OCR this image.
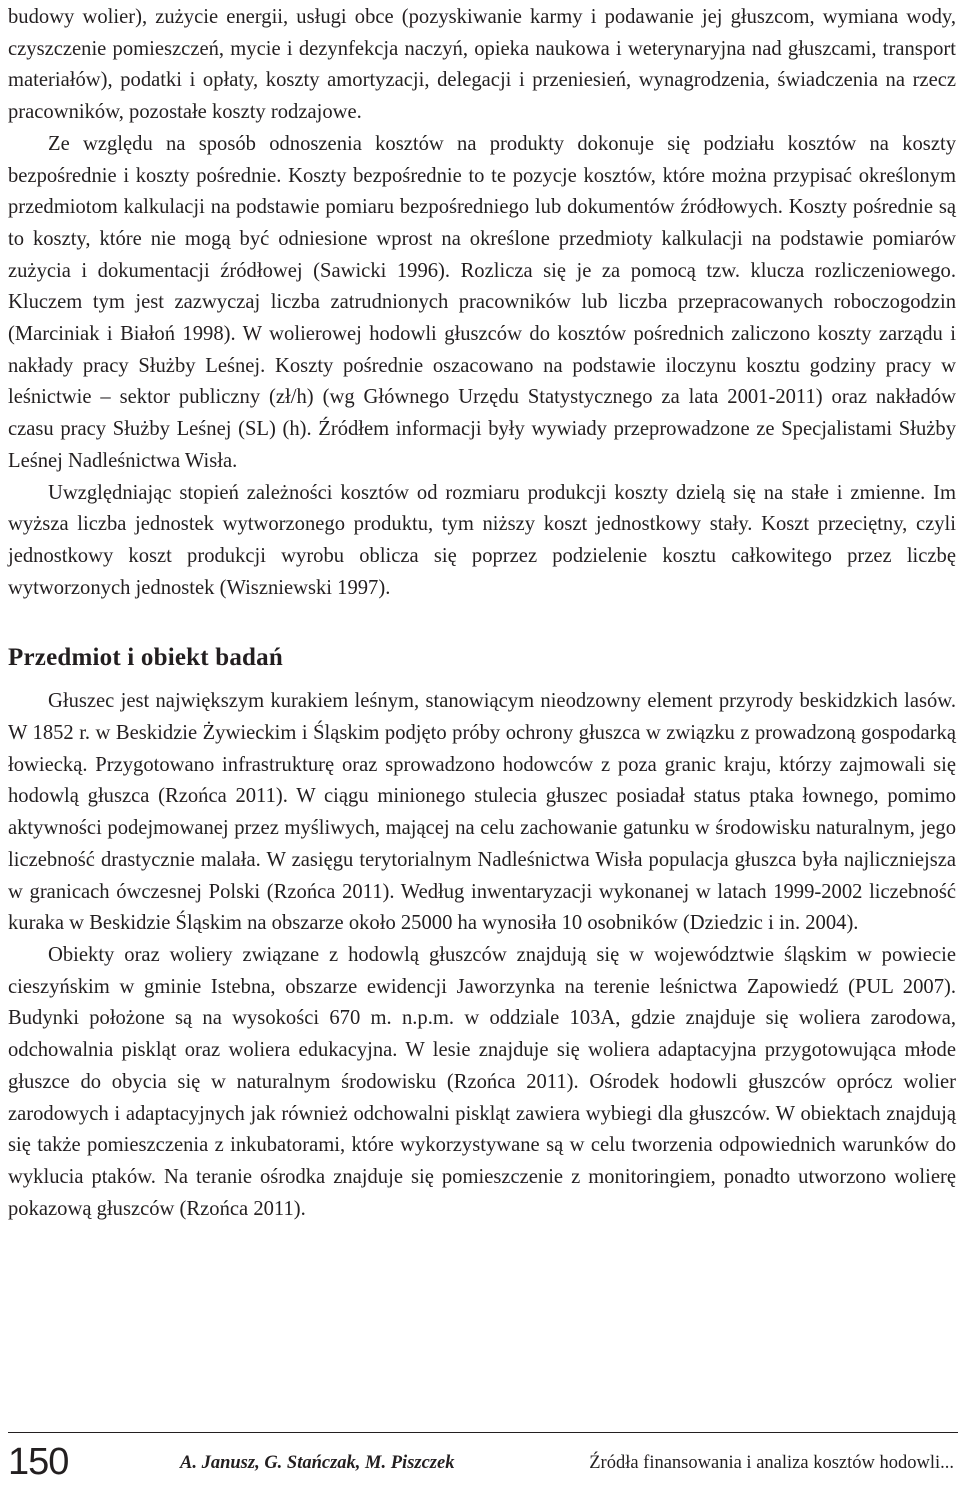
budowy wolier), zużycie energii, usługi obce (pozyskiwanie karmy i podawanie jej głuszcom, wymiana wody, czyszczenie pomieszczeń, mycie i dezynfekcja naczyń, opieka naukowa i weterynaryjna nad głuszcami, transport materiałów), podatki i opłaty, koszty amortyzacji, delegacji i przeniesień, wynagrodzenia, świadczenia na rzecz pracowników, pozostałe koszty rodzajowe.

Ze względu na sposób odnoszenia kosztów na produkty dokonuje się podziału kosztów na koszty bezpośrednie i koszty pośrednie. Koszty bezpośrednie to te pozycje kosztów, które można przypisać określonym przedmiotom kalkulacji na podstawie pomiaru bezpośredniego lub dokumentów źródłowych. Koszty pośrednie są to koszty, które nie mogą być odniesione wprost na określone przedmioty kalkulacji na podstawie pomiarów zużycia i dokumentacji źródłowej (Sawicki 1996). Rozlicza się je za pomocą tzw. klucza rozliczeniowego. Kluczem tym jest zazwyczaj liczba zatrudnionych pracowników lub liczba przepracowanych roboczogodzin (Marciniak i Białoń 1998). W wolierowej hodowli głuszców do kosztów pośrednich zaliczono koszty zarządu i nakłady pracy Służby Leśnej. Koszty pośrednie oszacowano na podstawie iloczynu kosztu godziny pracy w leśnictwie – sektor publiczny (zł/h) (wg Głównego Urzędu Statystycznego za lata 2001-2011) oraz nakładów czasu pracy Służby Leśnej (SL) (h). Źródłem informacji były wywiady przeprowadzone ze Specjalistami Służby Leśnej Nadleśnictwa Wisła.

Uwzględniając stopień zależności kosztów od rozmiaru produkcji koszty dzielą się na stałe i zmienne. Im wyższa liczba jednostek wytworzonego produktu, tym niższy koszt jednostkowy stały. Koszt przeciętny, czyli jednostkowy koszt produkcji wyrobu oblicza się poprzez podzielenie kosztu całkowitego przez liczbę wytworzonych jednostek (Wiszniewski 1997).

Przedmiot i obiekt badań

Głuszec jest największym kurakiem leśnym, stanowiącym nieodzowny element przyrody beskidzkich lasów. W 1852 r. w Beskidzie Żywieckim i Śląskim podjęto próby ochrony głuszca w związku z prowadzoną gospodarką łowiecką. Przygotowano infrastrukturę oraz sprowadzono hodowców z poza granic kraju, którzy zajmowali się hodowlą głuszca (Rzońca 2011). W ciągu minionego stulecia głuszec posiadał status ptaka łownego, pomimo aktywności podejmowanej przez myśliwych, mającej na celu zachowanie gatunku w środowisku naturalnym, jego liczebność drastycznie malała. W zasięgu terytorialnym Nadleśnictwa Wisła populacja głuszca była najliczniejsza w granicach ówczesnej Polski (Rzońca 2011). Według inwentaryzacji wykonanej w latach 1999-2002 liczebność kuraka w Beskidzie Śląskim na obszarze około 25000 ha wynosiła 10 osobników (Dziedzic i in. 2004).

Obiekty oraz woliery związane z hodowlą głuszców znajdują się w województwie śląskim w powiecie cieszyńskim w gminie Istebna, obszarze ewidencji Jaworzynka na terenie leśnictwa Zapowiedź (PUL 2007). Budynki położone są na wysokości 670 m. n.p.m. w oddziale 103A, gdzie znajduje się woliera zarodowa, odchowalnia piskląt oraz woliera edukacyjna. W lesie znajduje się woliera adaptacyjna przygotowująca młode głuszce do obycia się w naturalnym środowisku (Rzońca 2011). Ośrodek hodowli głuszców oprócz wolier zarodowych i adaptacyjnych jak również odchowalni piskląt zawiera wybiegi dla głuszców. W obiektach znajdują się także pomieszczenia z inkubatorami, które wykorzystywane są w celu tworzenia odpowiednich warunków do wyklucia ptaków. Na teranie ośrodka znajduje się pomieszczenie z monitoringiem, ponadto utworzono wolierę pokazową głuszców (Rzońca 2011).

150	A. Janusz, G. Stańczak, M. Piszczek	Źródła finansowania i analiza kosztów hodowli...
